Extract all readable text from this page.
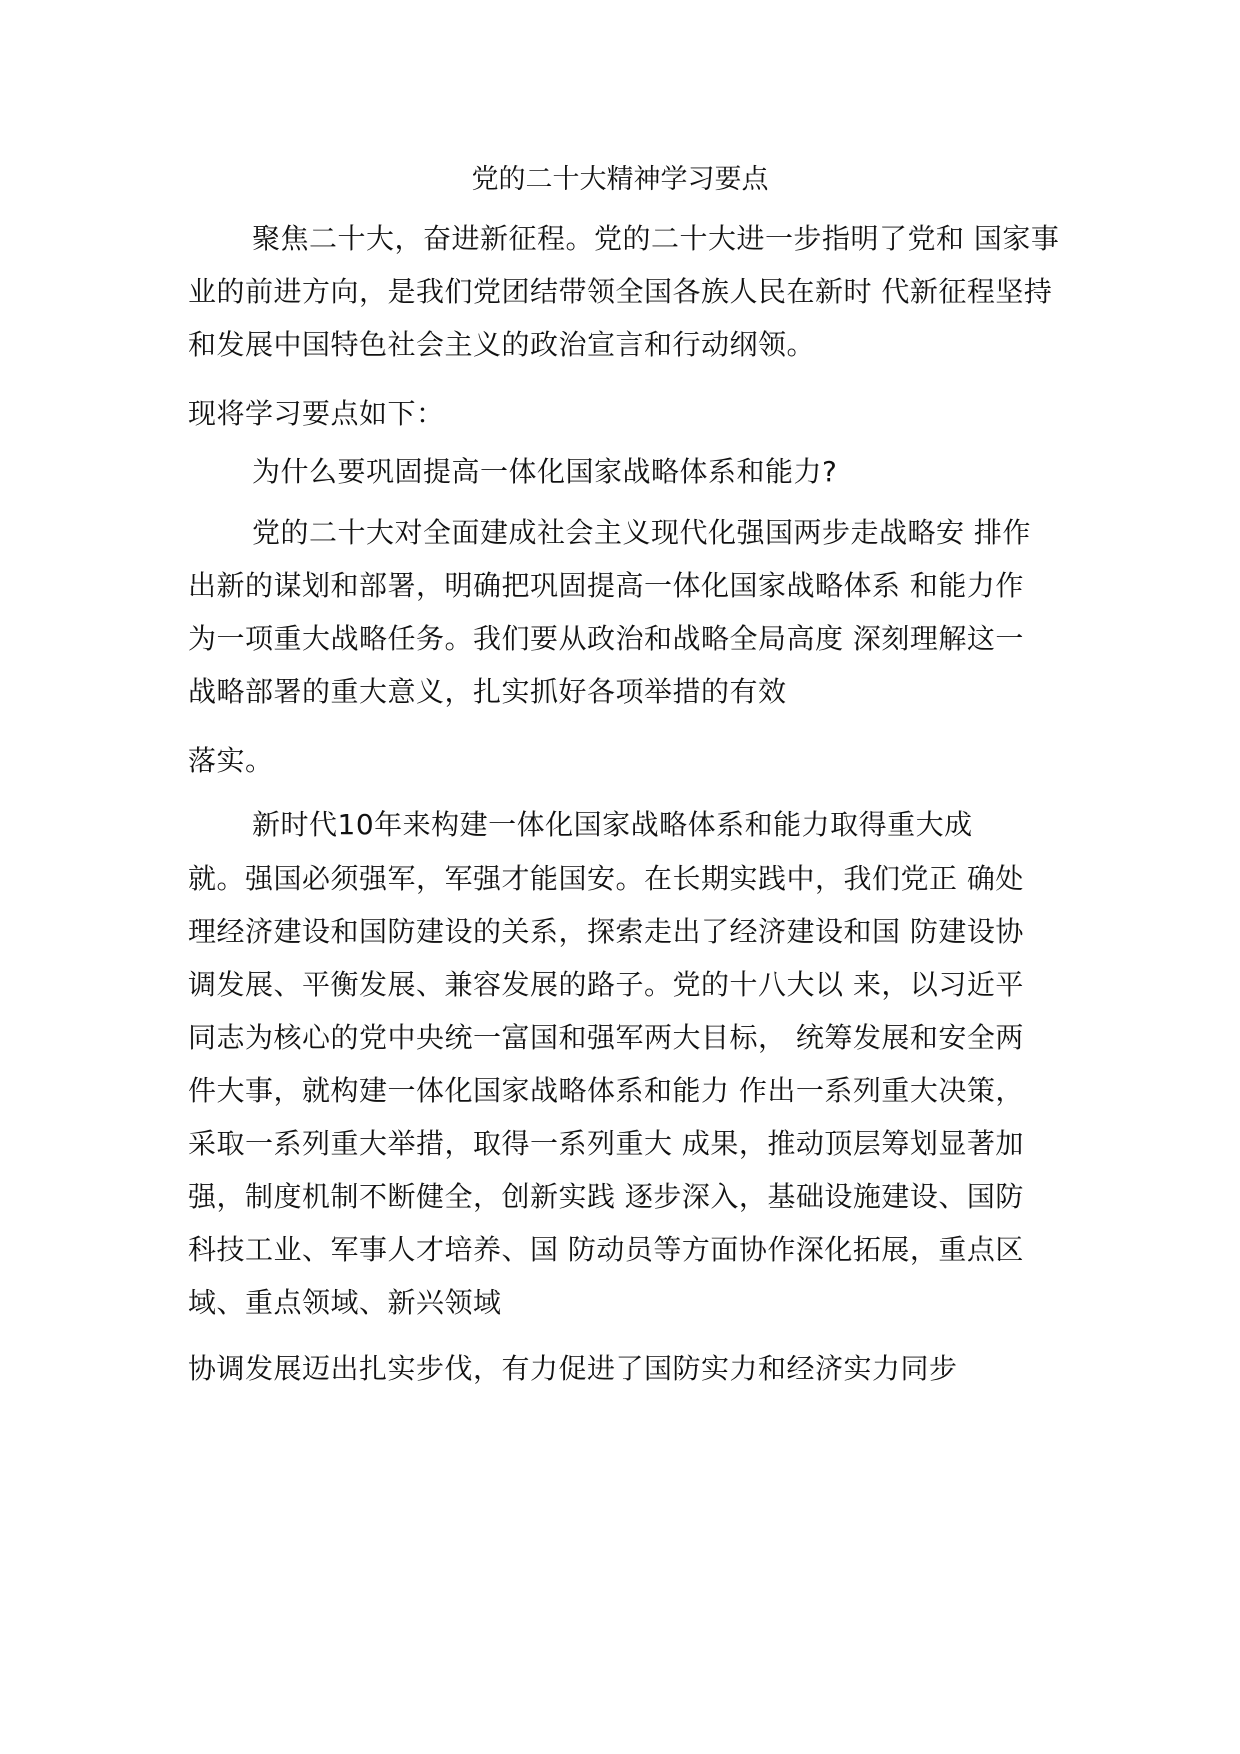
党的二十大精神学习要点
聚焦二十大，奋进新征程。党的二十大进一步指明了党和 国家事
业的前进方向，是我们党团结带领全国各族人民在新时 代新征程坚持
和发展中国特色社会主义的政治宣言和行动纲领。
现将学习要点如下：
为什么要巩固提高一体化国家战略体系和能力?
党的二十大对全面建成社会主义现代化强国两步走战略安 排作
出新的谋划和部署，明确把巩固提高一体化国家战略体系 和能力作
为一项重大战略任务。我们要从政治和战略全局高度 深刻理解这一
战略部署的重大意义，扎实抓好各项举措的有效
落实。
新时代10年来构建一体化国家战略体系和能力取得重大成
就。强国必须强军，军强才能国安。在长期实践中，我们党正 确处
理经济建设和国防建设的关系，探索走出了经济建设和国 防建设协
调发展、平衡发展、兼容发展的路子。党的十八大以 来，以习近平
同志为核心的党中央统一富国和强军两大目标， 统筹发展和安全两
件大事，就构建一体化国家战略体系和能力 作出一系列重大决策，
采取一系列重大举措，取得一系列重大 成果，推动顶层筹划显著加
强，制度机制不断健全，创新实践 逐步深入，基础设施建设、国防
科技工业、军事人才培养、国 防动员等方面协作深化拓展，重点区
域、重点领域、新兴领域
协调发展迈出扎实步伐，有力促进了国防实力和经济实力同步
